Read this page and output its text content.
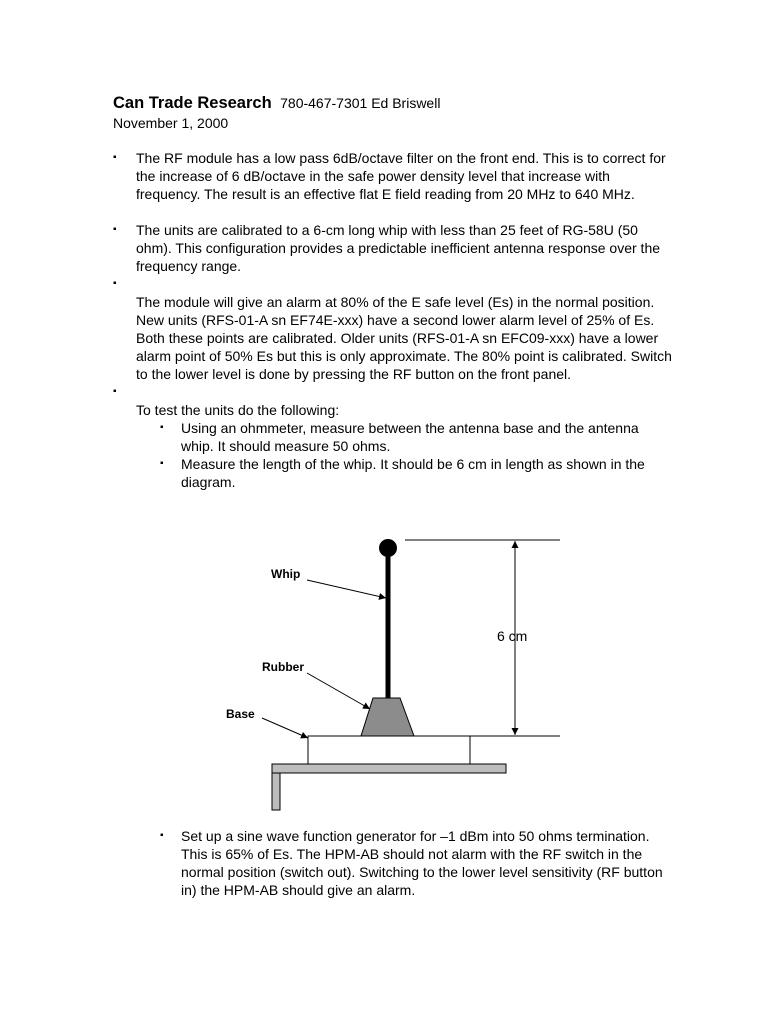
Can Trade Research 780-467-7301 Ed Briswell
November 1, 2000
▪ The RF module has a low pass 6dB/octave filter on the front end. This is to correct for the increase of 6 dB/octave in the safe power density level that increase with frequency. The result is an effective flat E field reading from 20 MHz to 640 MHz.
▪ The units are calibrated to a 6-cm long whip with less than 25 feet of RG-58U (50 ohm). This configuration provides a predictable inefficient antenna response over the frequency range.
▪

The module will give an alarm at 80% of the E safe level (Es) in the normal position. New units (RFS-01-A sn EF74E-xxx) have a second lower alarm level of 25% of Es. Both these points are calibrated. Older units (RFS-01-A sn EFC09-xxx) have a lower alarm point of 50% Es but this is only approximate. The 80% point is calibrated. Switch to the lower level is done by pressing the RF button on the front panel.
▪

To test the units do the following:
▪ Using an ohmmeter, measure between the antenna base and the antenna whip. It should measure 50 ohms.
▪ Measure the length of the whip. It should be 6 cm in length as shown in the diagram.
Whip
Rubber
Base
6 cm
▪ Set up a sine wave function generator for –1 dBm into 50 ohms termination. This is 65% of Es. The HPM-AB should not alarm with the RF switch in the normal position (switch out). Switching to the lower level sensitivity (RF button in) the HPM-AB should give an alarm.
